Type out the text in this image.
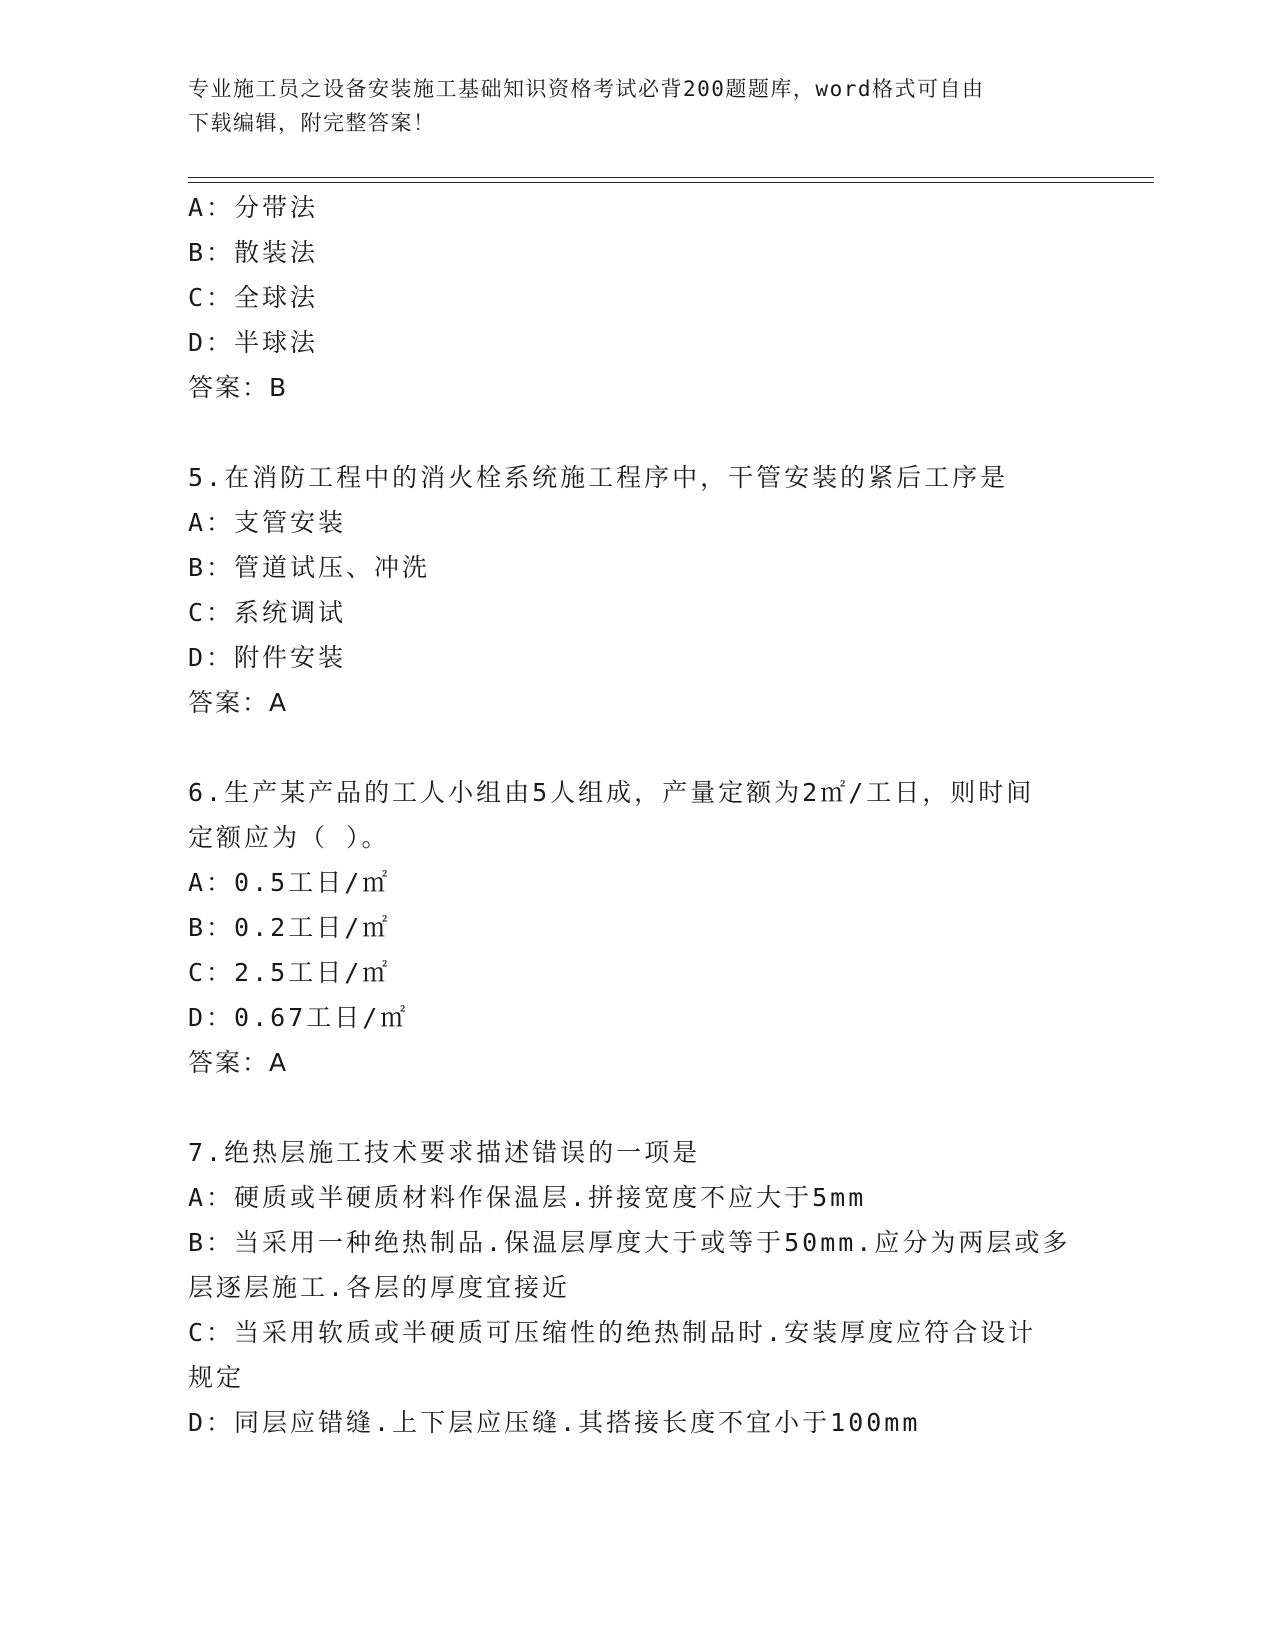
专业施工员之设备安装施工基础知识资格考试必背200题题库，word格式可自由
下载编辑，附完整答案！
A：分带法
B：散装法
C：全球法
D：半球法
答案：B
5.在消防工程中的消火栓系统施工程序中，干管安装的紧后工序是
A：支管安装
B：管道试压、冲洗
C：系统调试
D：附件安装
答案：A
6.生产某产品的工人小组由5人组成，产量定额为2㎡/工日，则时间
定额应为（ ）。
A：0.5工日/㎡
B：0.2工日/㎡
C：2.5工日/㎡
D：0.67工日/㎡
答案：A
7.绝热层施工技术要求描述错误的一项是
A：硬质或半硬质材料作保温层.拼接宽度不应大于5mm
B：当采用一种绝热制品.保温层厚度大于或等于50mm.应分为两层或多
层逐层施工.各层的厚度宜接近
C：当采用软质或半硬质可压缩性的绝热制品时.安装厚度应符合设计
规定
D：同层应错缝.上下层应压缝.其搭接长度不宜小于100mm
